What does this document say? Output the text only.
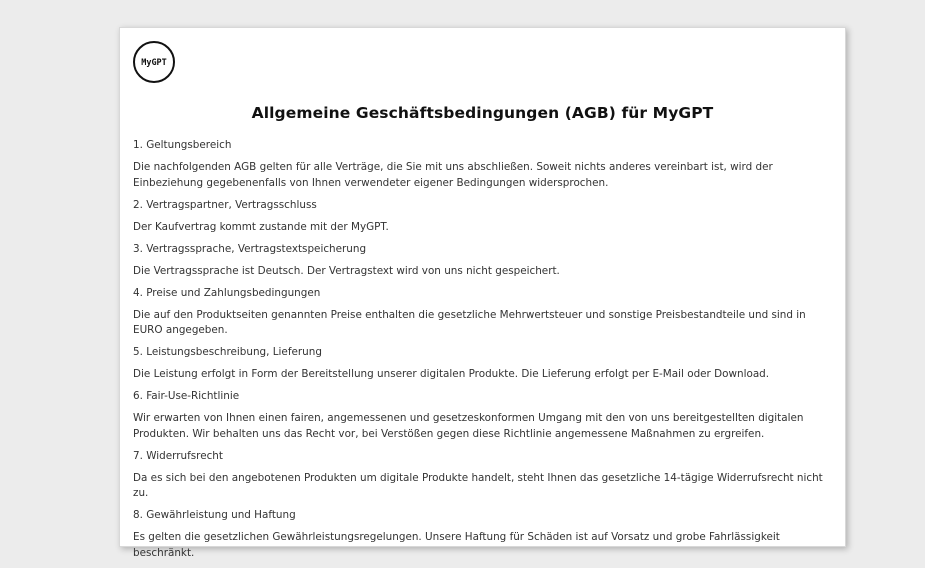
MyGPT
Allgemeine Geschäftsbedingungen (AGB) für MyGPT
1. Geltungsbereich
Die nachfolgenden AGB gelten für alle Verträge, die Sie mit uns abschließen. Soweit nichts anderes vereinbart ist, wird der Einbeziehung gegebenenfalls von Ihnen verwendeter eigener Bedingungen widersprochen.
2. Vertragspartner, Vertragsschluss
Der Kaufvertrag kommt zustande mit der MyGPT.
3. Vertragssprache, Vertragstextspeicherung
Die Vertragssprache ist Deutsch. Der Vertragstext wird von uns nicht gespeichert.
4. Preise und Zahlungsbedingungen
Die auf den Produktseiten genannten Preise enthalten die gesetzliche Mehrwertsteuer und sonstige Preisbestandteile und sind in EURO angegeben.
5. Leistungsbeschreibung, Lieferung
Die Leistung erfolgt in Form der Bereitstellung unserer digitalen Produkte. Die Lieferung erfolgt per E-Mail oder Download.
6. Fair-Use-Richtlinie
Wir erwarten von Ihnen einen fairen, angemessenen und gesetzeskonformen Umgang mit den von uns bereitgestellten digitalen Produkten. Wir behalten uns das Recht vor, bei Verstößen gegen diese Richtlinie angemessene Maßnahmen zu ergreifen.
7. Widerrufsrecht
Da es sich bei den angebotenen Produkten um digitale Produkte handelt, steht Ihnen das gesetzliche 14-tägige Widerrufsrecht nicht zu.
8. Gewährleistung und Haftung
Es gelten die gesetzlichen Gewährleistungsregelungen. Unsere Haftung für Schäden ist auf Vorsatz und grobe Fahrlässigkeit beschränkt.
